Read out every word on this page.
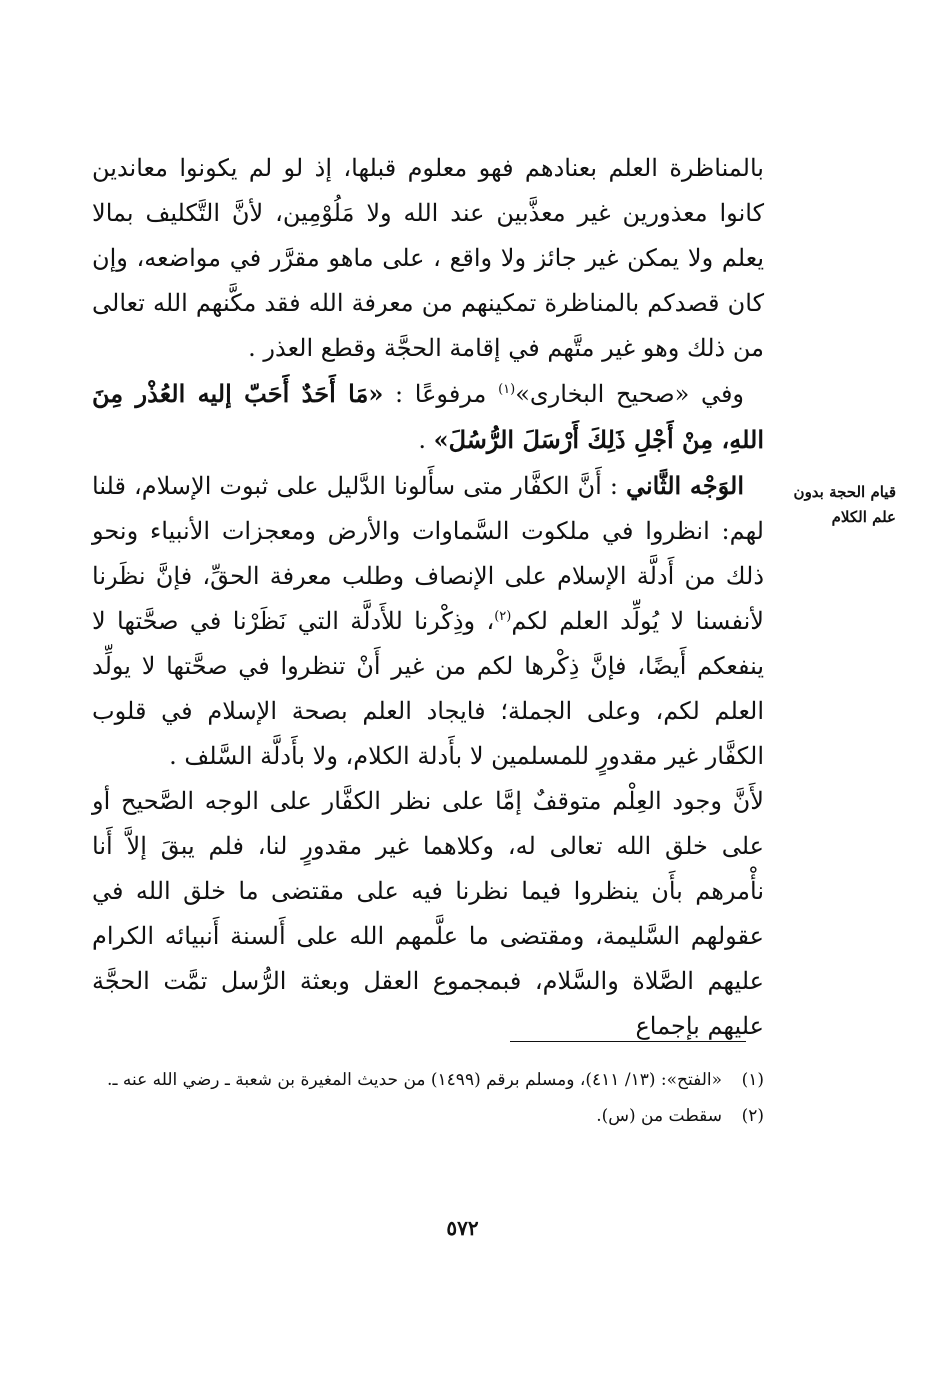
بالمناظرة العلم بعنادهم فهو معلوم قبلها، إذ لو لم يكونوا معاندين كانوا معذورين غير معذَّبين عند الله ولا مَلُوْمِين، لأنَّ التَّكليف بمالا يعلم ولا يمكن غير جائز ولا واقع ، على ماهو مقرَّر في مواضعه، وإن كان قصدكم بالمناظرة تمكينهم من معرفة الله فقد مكَّنهم الله تعالى من ذلك وهو غير متَّهم في إقامة الحجَّة وقطع العذر .

وفي «صحيح البخارى»$^{(١)}$ مرفوعًا : «مَا أَحَدٌ أَحَبّ إليه العُذْر مِنَ اللهِ، مِنْ أَجْلِ ذَلِكَ أَرْسَلَ الرُّسُلَ» .

الوَجْه الثَّاني : أَنَّ الكفَّار متى سأَلونا الدَّليل على ثبوت الإسلام، قلنا لهم: انظروا في ملكوت السَّماوات والأرض ومعجزات الأنبياء ونحو ذلك من أَدلَّة الإسلام على الإنصاف وطلب معرفة الحقِّ، فإنَّ نظَرنا لأنفسنا لا يُولِّد العلم لكم$^{(٢)}$، وذِكْرنا للأَدلَّة التي نَظَرْنا في صحَّتها لا ينفعكم أَيضًا، فإنَّ ذِكْرها لكم من غير أَنْ تنظروا في صحَّتها لا يولِّد العلم لكم، وعلى الجملة؛ فايجاد العلم بصحة الإسلام في قلوب الكفَّار غير مقدورٍ للمسلمين لا بأَدلة الكلام، ولا بأَدلَّة السَّلف .

لأَنَّ وجود العِلْم متوقفٌ إمَّا على نظر الكفَّار على الوجه الصَّحيح أو على خلق الله تعالى له، وكلاهما غير مقدورٍ لنا، فلم يبقَ إلاَّ أَنا نأْمرهم بأَن ينظروا فيما نظرنا فيه على مقتضى ما خلق الله في عقولهم السَّليمة، ومقتضى ما علَّمهم الله على أَلسنة أَنبيائه الكرام عليهم الصَّلاة والسَّلام، فبمجموع العقل وبعثة الرُّسل تمَّت الحجَّة عليهم بإجماع

قيام الحجة بدون
علم الكلام
(١)
«الفتح»: (١٣/ ٤١١)، ومسلم برقم (١٤٩٩) من حديث المغيرة بن شعبة ـ رضي الله عنه ـ.
(٢)
سقطت من (س).
٥٧٢
